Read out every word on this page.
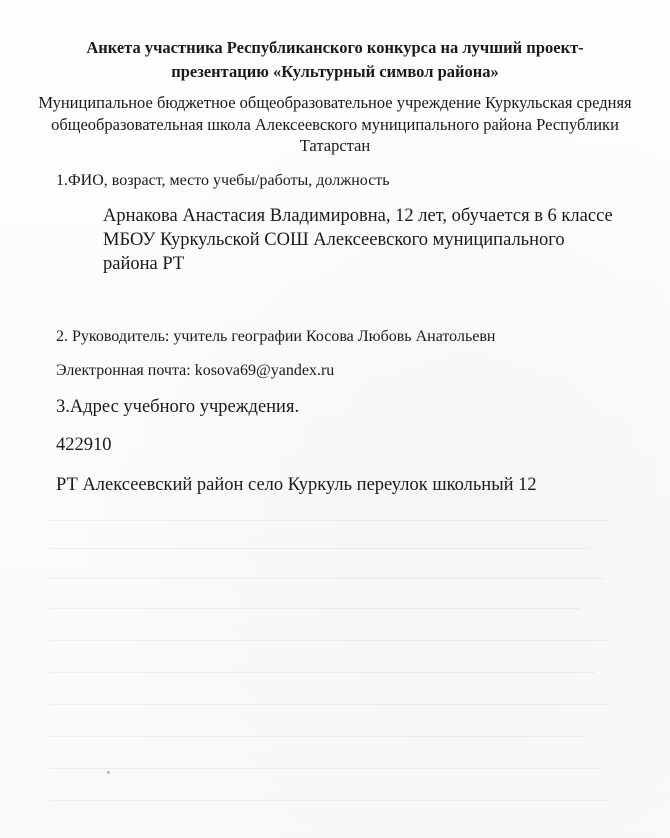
Анкета участника Республиканского конкурса на лучший проект-презентацию «Культурный символ района»

Муниципальное бюджетное общеобразовательное учреждение Куркульская средняя общеобразовательная школа Алексеевского муниципального района Республики Татарстан

1.ФИО, возраст, место учебы/работы, должность

Арнакова Анастасия Владимировна, 12 лет, обучается в 6 классе МБОУ Куркульской СОШ Алексеевского муниципального района РТ

2. Руководитель: учитель географии Косова Любовь Анатольевн

Электронная почта: kosova69@yandex.ru

3.Адрес учебного учреждения.

422910

РТ Алексеевский район село Куркуль переулок школьный 12
